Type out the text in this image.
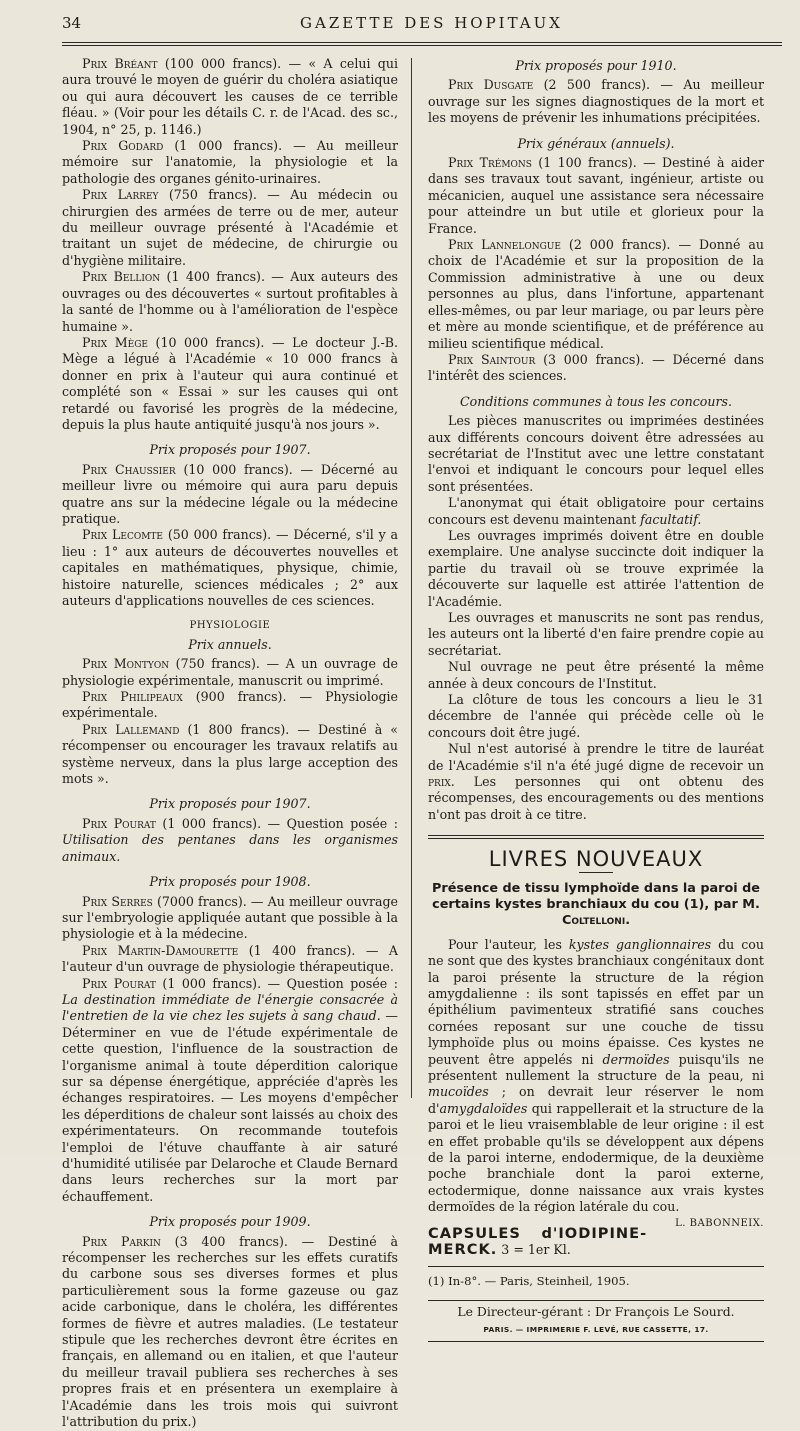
34	GAZETTE DES HOPITAUX

Prix Bréant (100 000 francs). — « A celui qui aura trouvé le moyen de guérir du choléra asiatique ou qui aura découvert les causes de ce terrible fléau. » (Voir pour les détails C. r. de l'Acad. des sc., 1904, n° 25, p. 1146.)

Prix Godard (1 000 francs). — Au meilleur mémoire sur l'anatomie, la physiologie et la pathologie des organes génito-urinaires.

Prix Larrey (750 francs). — Au médecin ou chirurgien des armées de terre ou de mer, auteur du meilleur ouvrage présenté à l'Académie et traitant un sujet de médecine, de chirurgie ou d'hygiène militaire.

Prix Bellion (1 400 francs). — Aux auteurs des ouvrages ou des découvertes « surtout profitables à la santé de l'homme ou à l'amélioration de l'espèce humaine ».

Prix Mège (10 000 francs). — Le docteur J.-B. Mège a légué à l'Académie « 10 000 francs à donner en prix à l'auteur qui aura continué et complété son « Essai » sur les causes qui ont retardé ou favorisé les progrès de la médecine, depuis la plus haute antiquité jusqu'à nos jours ».

Prix proposés pour 1907.

Prix Chaussier (10 000 francs). — Décerné au meilleur livre ou mémoire qui aura paru depuis quatre ans sur la médecine légale ou la médecine pratique.

Prix Lecomte (50 000 francs). — Décerné, s'il y a lieu : 1° aux auteurs de découvertes nouvelles et capitales en mathématiques, physique, chimie, histoire naturelle, sciences médicales ; 2° aux auteurs d'applications nouvelles de ces sciences.

PHYSIOLOGIE

Prix annuels.

Prix Montyon (750 francs). — A un ouvrage de physiologie expérimentale, manuscrit ou imprimé.

Prix Philipeaux (900 francs). — Physiologie expérimentale.

Prix Lallemand (1 800 francs). — Destiné à « récompenser ou encourager les travaux relatifs au système nerveux, dans la plus large acception des mots ».

Prix proposés pour 1907.

Prix Pourat (1 000 francs). — Question posée : Utilisation des pentanes dans les organismes animaux.

Prix proposés pour 1908.

Prix Serres (7000 francs). — Au meilleur ouvrage sur l'embryologie appliquée autant que possible à la physiologie et à la médecine.

Prix Martin-Damourette (1 400 francs). — A l'auteur d'un ouvrage de physiologie thérapeutique.

Prix Pourat (1 000 francs). — Question posée : La destination immédiate de l'énergie consacrée à l'entretien de la vie chez les sujets à sang chaud. — Déterminer en vue de l'étude expérimentale de cette question, l'influence de la soustraction de l'organisme animal à toute déperdition calorique sur sa dépense énergétique, appréciée d'après les échanges respiratoires. — Les moyens d'empêcher les déperditions de chaleur sont laissés au choix des expérimentateurs. On recommande toutefois l'emploi de l'étuve chauffante à air saturé d'humidité utilisée par Delaroche et Claude Bernard dans leurs recherches sur la mort par échauffement.

Prix proposés pour 1909.

Prix Parkin (3 400 francs). — Destiné à récompenser les recherches sur les effets curatifs du carbone sous ses diverses formes et plus particulièrement sous la forme gazeuse ou gaz acide carbonique, dans le choléra, les différentes formes de fièvre et autres maladies. (Le testateur stipule que les recherches devront être écrites en français, en allemand ou en italien, et que l'auteur du meilleur travail publiera ses recherches à ses propres frais et en présentera un exemplaire à l'Académie dans les trois mois qui suivront l'attribution du prix.)

Prix proposés pour 1910.

Prix Dusgate (2 500 francs). — Au meilleur ouvrage sur les signes diagnostiques de la mort et les moyens de prévenir les inhumations précipitées.

Prix généraux (annuels).

Prix Trémons (1 100 francs). — Destiné à aider dans ses travaux tout savant, ingénieur, artiste ou mécanicien, auquel une assistance sera nécessaire pour atteindre un but utile et glorieux pour la France.

Prix Lannelongue (2 000 francs). — Donné au choix de l'Académie et sur la proposition de la Commission administrative à une ou deux personnes au plus, dans l'infortune, appartenant elles-mêmes, ou par leur mariage, ou par leurs père et mère au monde scientifique, et de préférence au milieu scientifique médical.

Prix Saintour (3 000 francs). — Décerné dans l'intérêt des sciences.

Conditions communes à tous les concours.

Les pièces manuscrites ou imprimées destinées aux différents concours doivent être adressées au secrétariat de l'Institut avec une lettre constatant l'envoi et indiquant le concours pour lequel elles sont présentées.

L'anonymat qui était obligatoire pour certains concours est devenu maintenant facultatif.

Les ouvrages imprimés doivent être en double exemplaire. Une analyse succincte doit indiquer la partie du travail où se trouve exprimée la découverte sur laquelle est attirée l'attention de l'Académie.

Les ouvrages et manuscrits ne sont pas rendus, les auteurs ont la liberté d'en faire prendre copie au secrétariat.

Nul ouvrage ne peut être présenté la même année à deux concours de l'Institut.

La clôture de tous les concours a lieu le 31 décembre de l'année qui précède celle où le concours doit être jugé.

Nul n'est autorisé à prendre le titre de lauréat de l'Académie s'il n'a été jugé digne de recevoir un prix. Les personnes qui ont obtenu des récompenses, des encouragements ou des mentions n'ont pas droit à ce titre.

LIVRES NOUVEAUX

Présence de tissu lymphoïde dans la paroi de certains kystes branchiaux du cou (1), par M. Coltelloni.

Pour l'auteur, les kystes ganglionnaires du cou ne sont que des kystes branchiaux congénitaux dont la paroi présente la structure de la région amygdalienne : ils sont tapissés en effet par un épithélium pavimenteux stratifié sans couches cornées reposant sur une couche de tissu lymphoïde plus ou moins épaisse. Ces kystes ne peuvent être appelés ni dermoïdes puisqu'ils ne présentent nullement la structure de la peau, ni mucoïdes ; on devrait leur réserver le nom d'amygdaloïdes qui rappellerait et la structure de la paroi et le lieu vraisemblable de leur origine : il est en effet probable qu'ils se développent aux dépens de la paroi interne, endodermique, de la deuxième poche branchiale dont la paroi externe, ectodermique, donne naissance aux vrais kystes dermoïdes de la région latérale du cou.
L. BABONNEIX.

CAPSULES d'IODIPINE-MERCK. 3 = 1er Kl.

(1) In-8°. — Paris, Steinheil, 1905.

Le Directeur-gérant : Dr François Le Sourd.
PARIS. — IMPRIMERIE F. LEVÉ, RUE CASSETTE, 17.
